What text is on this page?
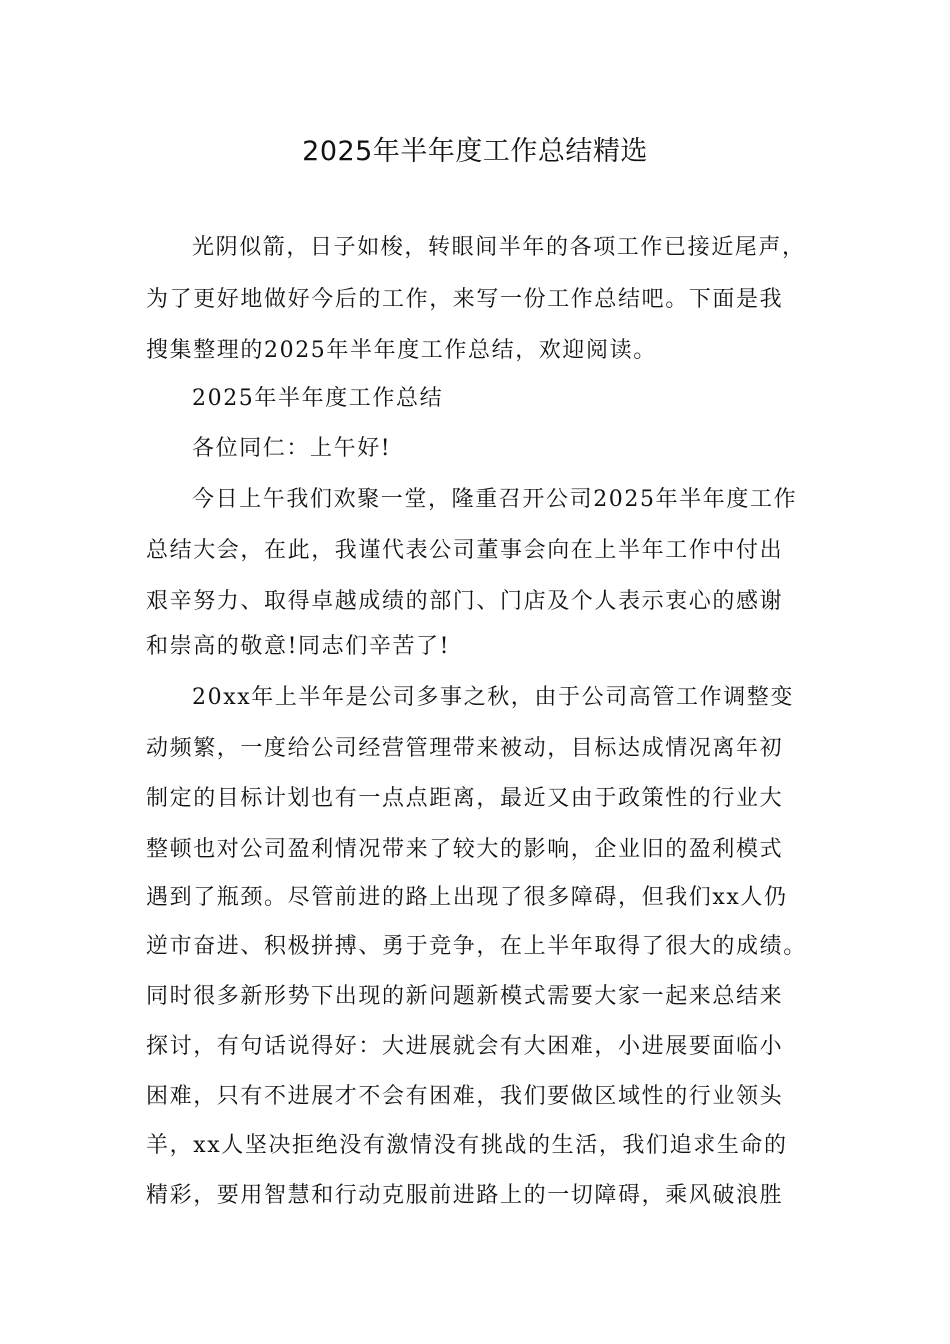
2025年半年度工作总结精选
光阴似箭，日子如梭，转眼间半年的各项工作已接近尾声，
为了更好地做好今后的工作，来写一份工作总结吧。下面是我
搜集整理的2025年半年度工作总结，欢迎阅读。
2025年半年度工作总结
各位同仁：上午好!
今日上午我们欢聚一堂，隆重召开公司2025年半年度工作
总结大会，在此，我谨代表公司董事会向在上半年工作中付出
艰辛努力、取得卓越成绩的部门、门店及个人表示衷心的感谢
和崇高的敬意!同志们辛苦了!
20xx年上半年是公司多事之秋，由于公司高管工作调整变
动频繁，一度给公司经营管理带来被动，目标达成情况离年初
制定的目标计划也有一点点距离，最近又由于政策性的行业大
整顿也对公司盈利情况带来了较大的影响，企业旧的盈利模式
遇到了瓶颈。尽管前进的路上出现了很多障碍，但我们xx人仍
逆市奋进、积极拼搏、勇于竞争，在上半年取得了很大的成绩。
同时很多新形势下出现的新问题新模式需要大家一起来总结来
探讨，有句话说得好：大进展就会有大困难，小进展要面临小
困难，只有不进展才不会有困难，我们要做区域性的行业领头
羊，xx人坚决拒绝没有激情没有挑战的生活，我们追求生命的
精彩，要用智慧和行动克服前进路上的一切障碍，乘风破浪胜
